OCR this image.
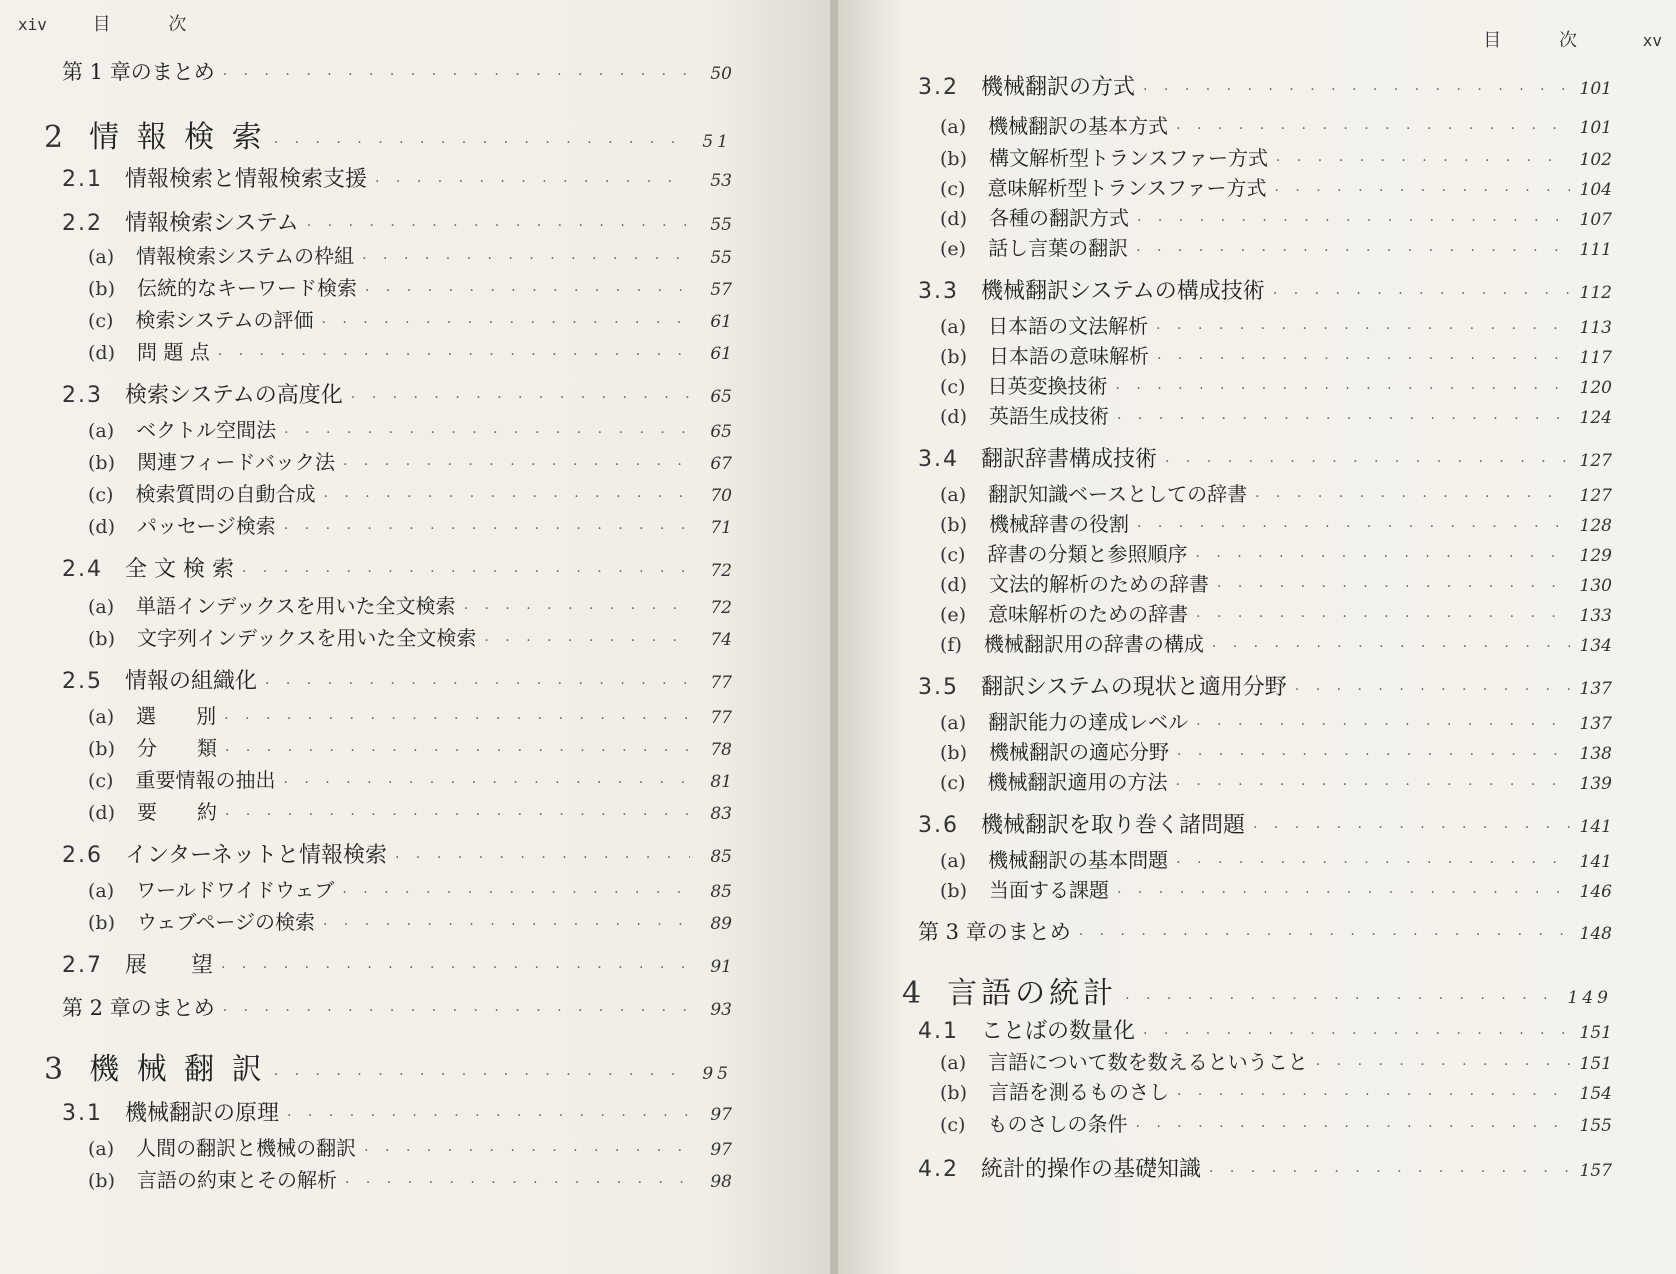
xiv	目 次
第 1 章のまとめ · · ·	50
2 情 報 検 索 · · ·	51
2.1 情報検索と情報検索支援 · · ·	53
2.2 情報検索システム · · ·	55
(a) 情報検索システムの枠組 · · ·	55
(b) 伝統的なキーワード検索 · · ·	57
(c) 検索システムの評価 · · ·	61
(d) 問 題 点 · · ·	61
2.3 検索システムの高度化 · · ·	65
(a) ベクトル空間法 · · ·	65
(b) 関連フィードバック法 · · ·	67
(c) 検索質問の自動合成 · · ·	70
(d) パッセージ検索 · · ·	71
2.4 全 文 検 索 · · ·	72
(a) 単語インデックスを用いた全文検索 · · ·	72
(b) 文字列インデックスを用いた全文検索 · · ·	74
2.5 情報の組織化 · · ·	77
(a) 選　　別 · · ·	77
(b) 分　　類 · · ·	78
(c) 重要情報の抽出 · · ·	81
(d) 要　　約 · · ·	83
2.6 インターネットと情報検索 · · ·	85
(a) ワールドワイドウェブ · · ·	85
(b) ウェブページの検索 · · ·	89
2.7 展　　望 · · ·	91
第 2 章のまとめ · · ·	93
3 機 械 翻 訳 · · ·	95
3.1 機械翻訳の原理 · · ·	97
(a) 人間の翻訳と機械の翻訳 · · ·	97
(b) 言語の約束とその解析 · · ·	98
目 次 xv
3.2 機械翻訳の方式 · · ·	101
(a) 機械翻訳の基本方式 · · ·	101
(b) 構文解析型トランスファー方式 · · ·	102
(c) 意味解析型トランスファー方式 · · ·	104
(d) 各種の翻訳方式 · · ·	107
(e) 話し言葉の翻訳 · · ·	111
3.3 機械翻訳システムの構成技術 · · ·	112
(a) 日本語の文法解析 · · ·	113
(b) 日本語の意味解析 · · ·	117
(c) 日英変換技術 · · ·	120
(d) 英語生成技術 · · ·	124
3.4 翻訳辞書構成技術 · · ·	127
(a) 翻訳知識ベースとしての辞書 · · ·	127
(b) 機械辞書の役割 · · ·	128
(c) 辞書の分類と参照順序 · · ·	129
(d) 文法的解析のための辞書 · · ·	130
(e) 意味解析のための辞書 · · ·	133
(f) 機械翻訳用の辞書の構成 · · ·	134
3.5 翻訳システムの現状と適用分野 · · ·	137
(a) 翻訳能力の達成レベル · · ·	137
(b) 機械翻訳の適応分野 · · ·	138
(c) 機械翻訳適用の方法 · · ·	139
3.6 機械翻訳を取り巻く諸問題 · · ·	141
(a) 機械翻訳の基本問題 · · ·	141
(b) 当面する課題 · · ·	146
第 3 章のまとめ · · ·	148
4 言語の統計 · · ·	149
4.1 ことばの数量化 · · ·	151
(a) 言語について数を数えるということ · · ·	151
(b) 言語を測るものさし · · ·	154
(c) ものさしの条件 · · ·	155
4.2 統計的操作の基礎知識 · · ·	157
